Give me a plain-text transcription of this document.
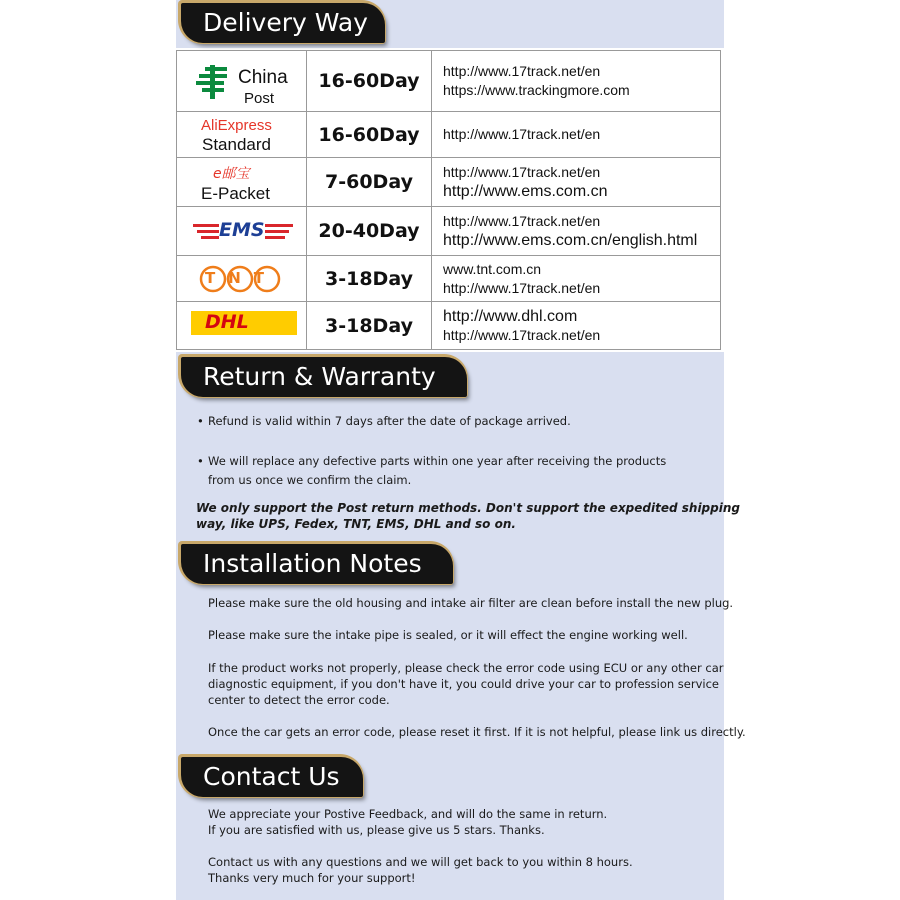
Delivery Way
China
Post
16-60Day	http://www.17track.net/en
https://www.trackingmore.com
AliExpress
Standard	16-60Day	http://www.17track.net/en
e邮宝
E-Packet
7-60Day	http://www.17track.net/en
http://www.ems.com.cn
EMS	20-40Day	http://www.17track.net/en
http://www.ems.com.cn/english.html
TNT	3-18Day	www.tnt.com.cn
http://www.17track.net/en
DHL	3-18Day	http://www.dhl.com
http://www.17track.net/en
Return & Warranty
• Refund is valid within 7 days after the date of package arrived.
• We will replace any defective parts within one year after receiving the products
from us once we confirm the claim.
We only support the Post return methods. Don't support the expedited shipping
way, like UPS, Fedex, TNT, EMS, DHL and so on.
Installation Notes
Please make sure the old housing and intake air filter are clean before install the new plug.
Please make sure the intake pipe is sealed, or it will effect the engine working well.
If the product works not properly, please check the error code using ECU or any other car
diagnostic equipment, if you don't have it, you could drive your car to profession service
center to detect the error code.
Once the car gets an error code, please reset it first. If it is not helpful, please link us directly.
Contact Us
We appreciate your Postive Feedback, and will do the same in return.
If you are satisfied with us, please give us 5 stars. Thanks.
Contact us with any questions and we will get back to you within 8 hours.
Thanks very much for your support!
